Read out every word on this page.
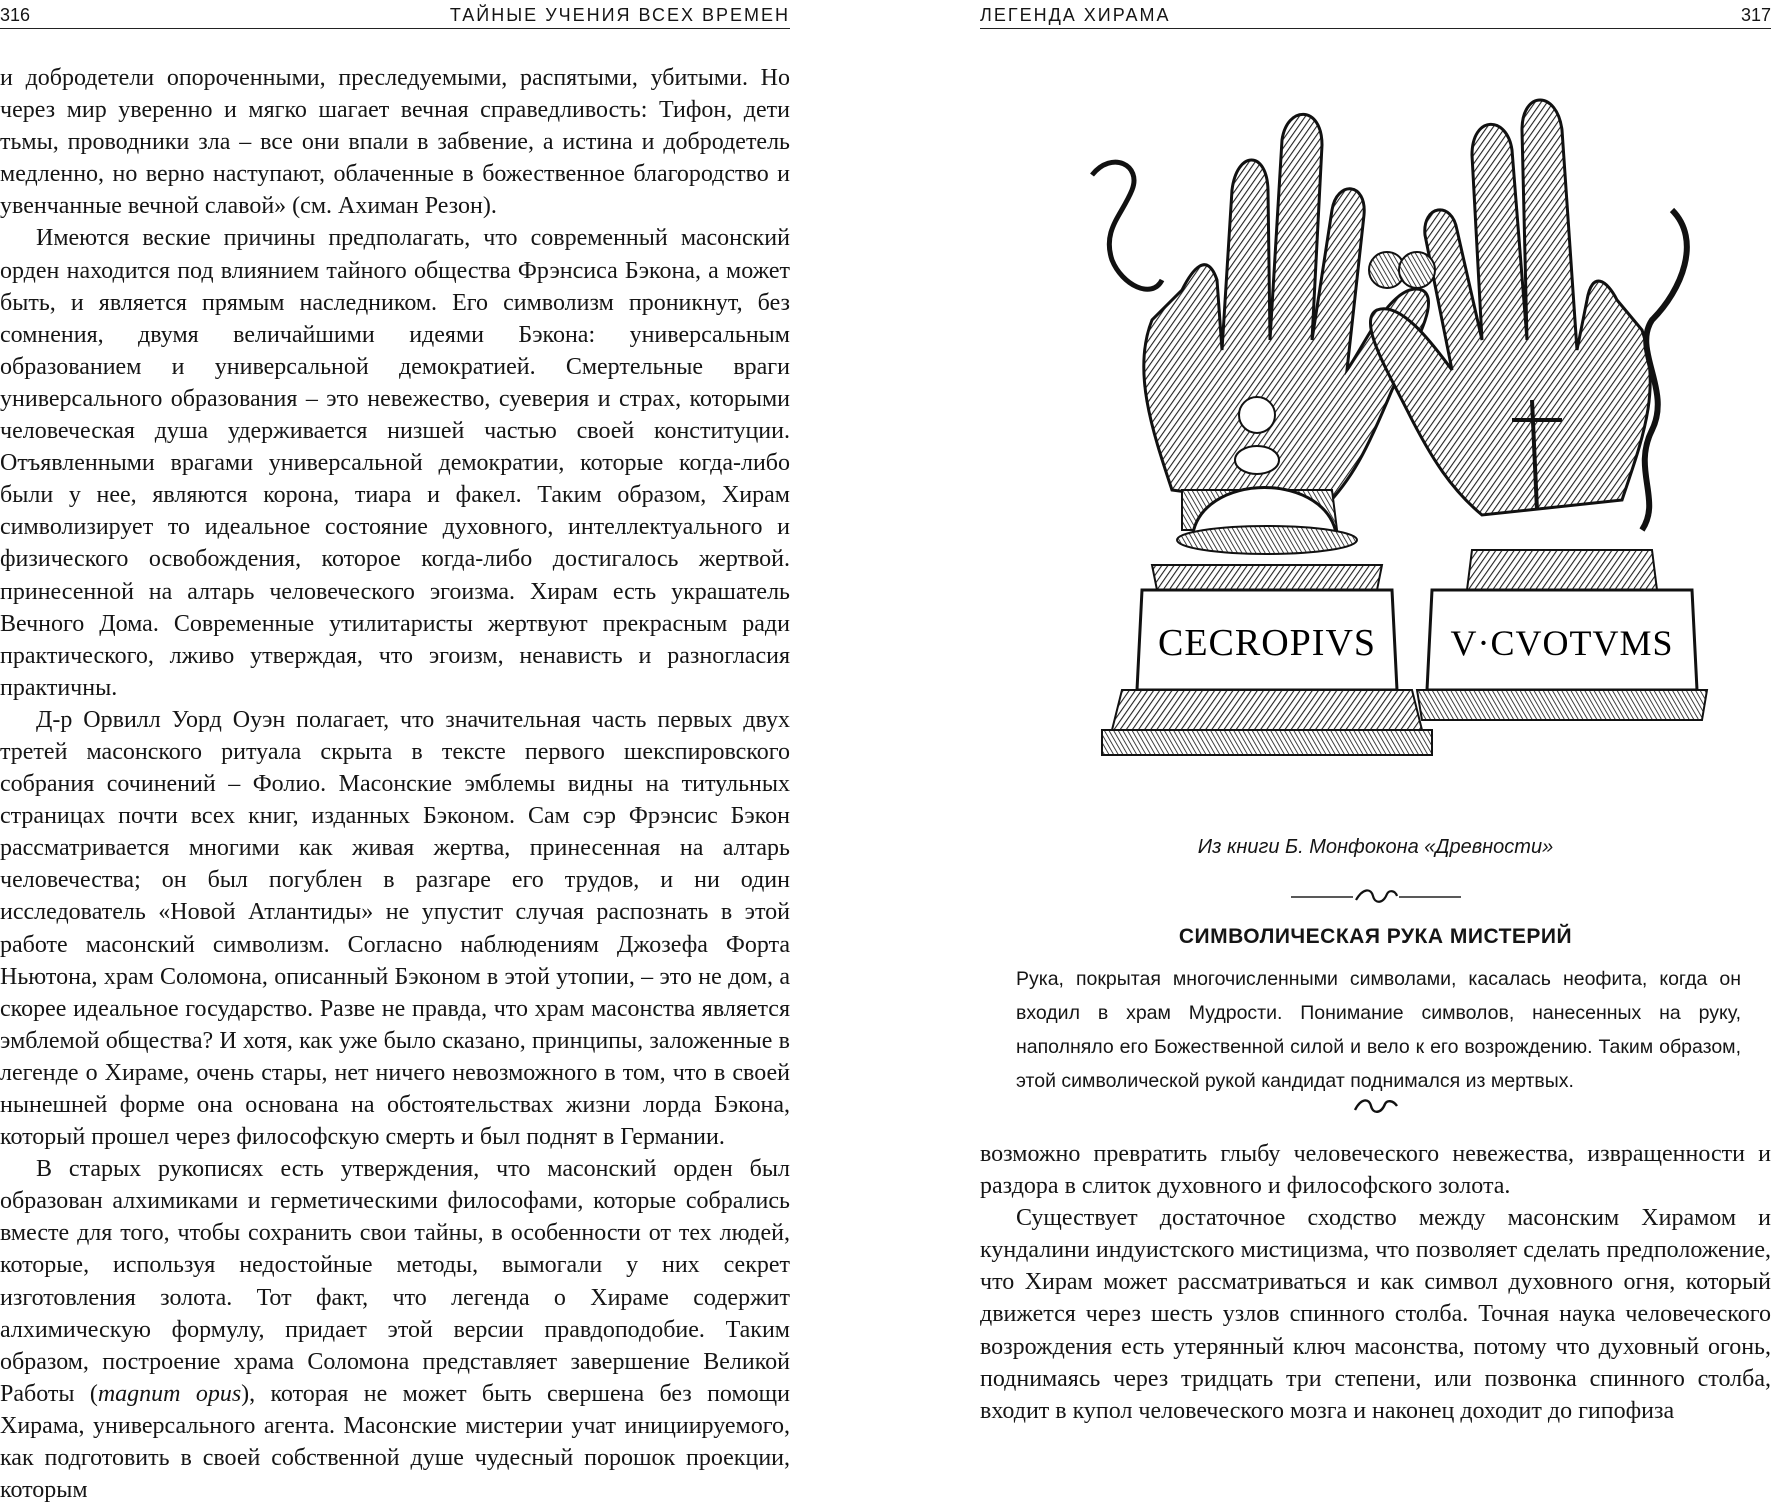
316	ТАЙНЫЕ УЧЕНИЯ ВСЕХ ВРЕМЕН

и добродетели опороченными, преследуемыми, распятыми, убитыми. Но через мир уверенно и мягко шагает вечная справедливость: Тифон, дети тьмы, проводники зла – все они впали в забвение, а истина и добродетель медленно, но верно наступают, облаченные в божественное благородство и увенчанные вечной славой» (см. Ахиман Резон).

Имеются веские причины предполагать, что современный масонский орден находится под влиянием тайного общества Фрэнсиса Бэкона, а может быть, и является прямым наследником. Его символизм проникнут, без сомнения, двумя величайшими идеями Бэкона: универсальным образованием и универсальной демократией. Смертельные враги универсального образования – это невежество, суеверия и страх, которыми человеческая душа удерживается низшей частью своей конституции. Отъявленными врагами универсальной демократии, которые когда-либо были у нее, являются корона, тиара и факел. Таким образом, Хирам символизирует то идеальное состояние духовного, интеллектуального и физического освобождения, которое когда-либо достигалось жертвой. принесенной на алтарь человеческого эгоизма. Хирам есть украшатель Вечного Дома. Современные утилитаристы жертвуют прекрасным ради практического, лживо утверждая, что эгоизм, ненависть и разногласия практичны.

Д-р Орвилл Уорд Оуэн полагает, что значительная часть первых двух третей масонского ритуала скрыта в тексте первого шекспировского собрания сочинений – Фолио. Масонские эмблемы видны на титульных страницах почти всех книг, изданных Бэконом. Сам сэр Фрэнсис Бэкон рассматривается многими как живая жертва, принесенная на алтарь человечества; он был погублен в разгаре его трудов, и ни один исследователь «Новой Атлантиды» не упустит случая распознать в этой работе масонский символизм. Согласно наблюдениям Джозефа Форта Ньютона, храм Соломона, описанный Бэконом в этой утопии, – это не дом, а скорее идеальное государство. Разве не правда, что храм масонства является эмблемой общества? И хотя, как уже было сказано, принципы, заложенные в легенде о Хираме, очень стары, нет ничего невозможного в том, что в своей нынешней форме она основана на обстоятельствах жизни лорда Бэкона, который прошел через философскую смерть и был поднят в Германии.

В старых рукописях есть утверждения, что масонский орден был образован алхимиками и герметическими философами, которые собрались вместе для того, чтобы сохранить свои тайны, в особенности от тех людей, которые, используя недостойные методы, вымогали у них секрет изготовления золота. Тот факт, что легенда о Хираме содержит алхимическую формулу, придает этой версии правдоподобие. Таким образом, построение храма Соломона представляет завершение Великой Работы (magnum opus), которая не может быть свершена без помощи Хирама, универсального агента. Масонские мистерии учат инициируемого, как подготовить в своей собственной душе чудесный порошок проекции, которым

ЛЕГЕНДА ХИРАМА	317
CECROPIVS V·CVOTVMS
Из книги Б. Монфокона «Древности»
СИМВОЛИЧЕСКАЯ РУКА МИСТЕРИЙ
Рука, покрытая многочисленными символами, касалась неофита, когда он входил в храм Мудрости. Понимание символов, нанесенных на руку, наполняло его Божественной силой и вело к его возрождению. Таким образом, этой символической рукой кандидат поднимался из мертвых.

возможно превратить глыбу человеческого невежества, извращенности и раздора в слиток духовного и философского золота.

Существует достаточное сходство между масонским Хирамом и кундалини индуистского мистицизма, что позволяет сделать предположение, что Хирам может рассматриваться и как символ духовного огня, который движется через шесть узлов спинного столба. Точная наука человеческого возрождения есть утерянный ключ масонства, потому что духовный огонь, поднимаясь через тридцать три степени, или позвонка спинного столба, входит в купол человеческого мозга и наконец доходит до гипофиза
